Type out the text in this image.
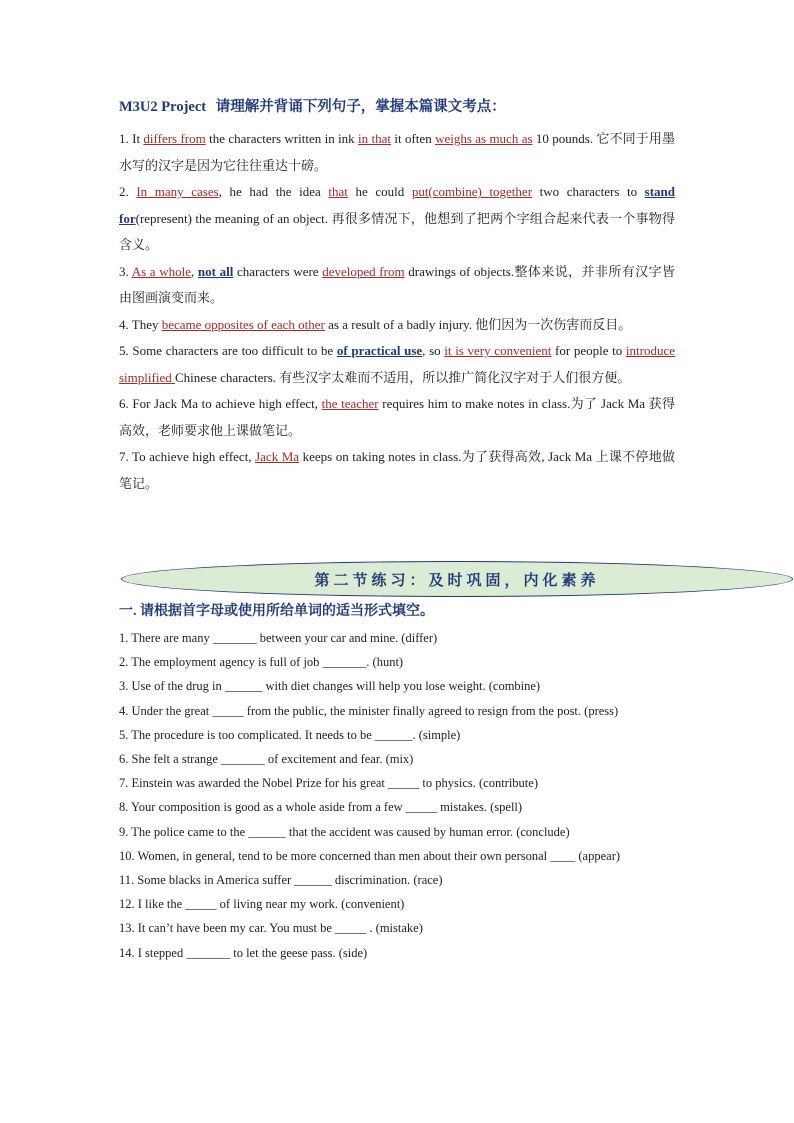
M3U2 Project 请理解并背诵下列句子，掌握本篇课文考点：

1. It differs from the characters written in ink in that it often weighs as much as 10 pounds. 它不同于用墨水写的汉字是因为它往往重达十磅。

2. In many cases, he had the idea that he could put(combine) together two characters to stand for(represent) the meaning of an object. 再很多情况下，他想到了把两个字组合起来代表一个事物得含义。

3. As a whole, not all characters were developed from drawings of objects.整体来说，并非所有汉字皆由图画演变而来。

4. They became opposites of each other as a result of a badly injury. 他们因为一次伤害而反目。

5. Some characters are too difficult to be of practical use, so it is very convenient for people to introduce simplified Chinese characters. 有些汉字太难而不适用，所以推广简化汉字对于人们很方便。

6. For Jack Ma to achieve high effect, the teacher requires him to make notes in class.为了 Jack Ma 获得高效，老师要求他上课做笔记。

7. To achieve high effect, Jack Ma keeps on taking notes in class.为了获得高效, Jack Ma 上课不停地做笔记。

第二节练习：及时巩固，内化素养

一. 请根据首字母或使用所给单词的适当形式填空。

1. There are many _______ between your car and mine. (differ)

2. The employment agency is full of job _______. (hunt)

3. Use of the drug in ______ with diet changes will help you lose weight. (combine)

4. Under the great _____ from the public, the minister finally agreed to resign from the post. (press)

5. The procedure is too complicated. It needs to be ______. (simple)

6. She felt a strange _______ of excitement and fear. (mix)

7. Einstein was awarded the Nobel Prize for his great _____ to physics. (contribute)

8. Your composition is good as a whole aside from a few _____ mistakes. (spell)

9. The police came to the ______ that the accident was caused by human error. (conclude)

10. Women, in general, tend to be more concerned than men about their own personal ____ (appear)

11. Some blacks in America suffer ______ discrimination. (race)

12. I like the _____ of living near my work. (convenient)

13. It can’t have been my car. You must be _____ . (mistake)

14. I stepped _______ to let the geese pass. (side)
